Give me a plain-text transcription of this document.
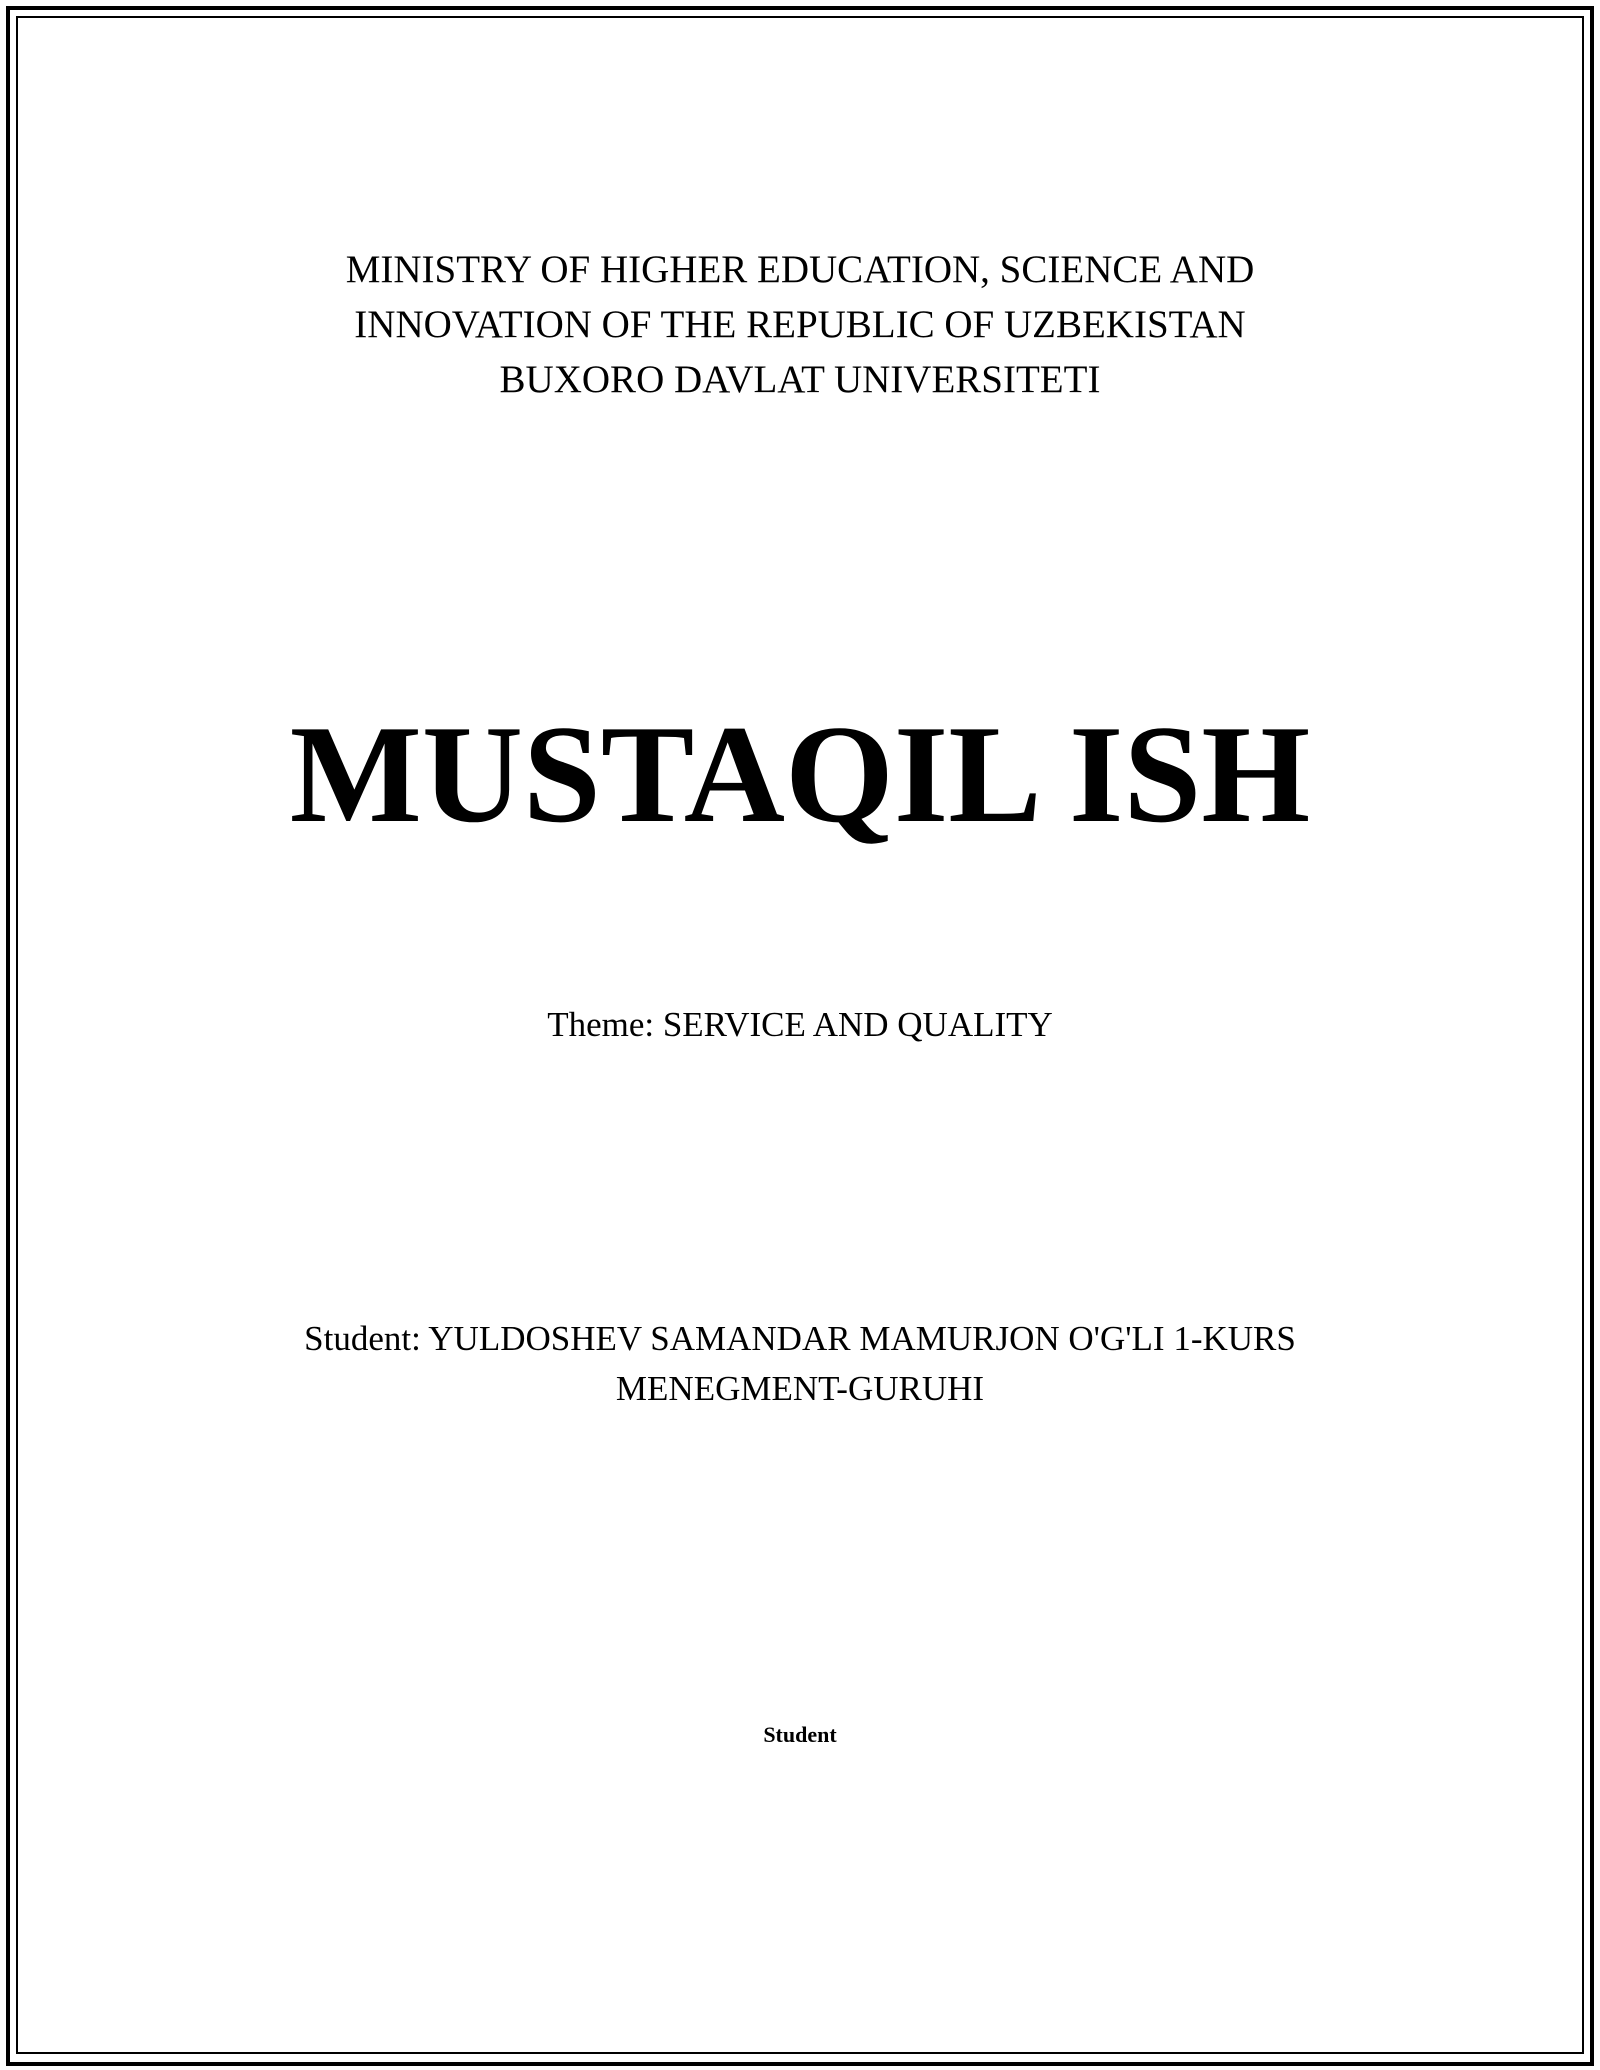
MINISTRY OF HIGHER EDUCATION, SCIENCE AND
INNOVATION OF THE REPUBLIC OF UZBEKISTAN
BUXORO DAVLAT UNIVERSITETI
MUSTAQIL ISH
Theme: SERVICE AND QUALITY
Student: YULDOSHEV SAMANDAR MAMURJON O'G'LI 1-KURS
MENEGMENT-GURUHI
Student
